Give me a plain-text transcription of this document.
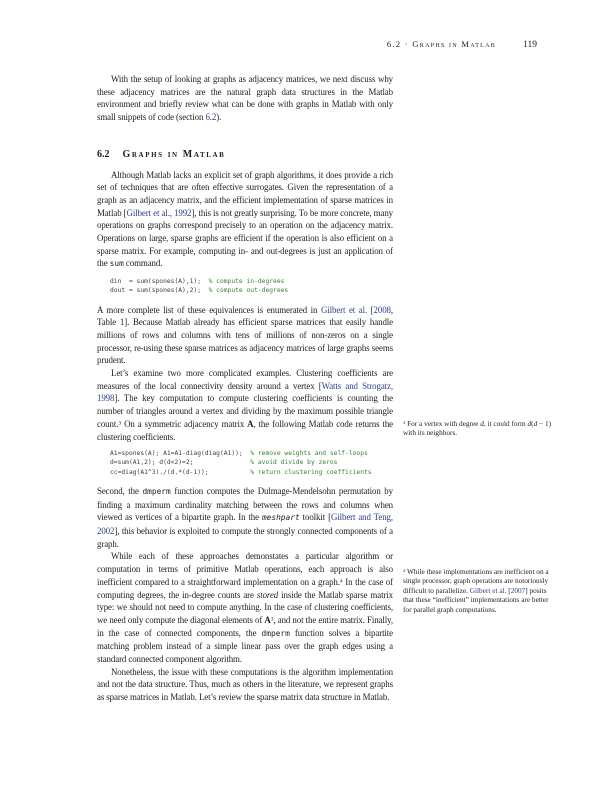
6.2 · Graphs in Matlab	119

With the setup of looking at graphs as adjacency matrices, we next discuss why these adjacency matrices are the natural graph data structures in the Matlab environment and briefly review what can be done with graphs in Matlab with only small snippets of code (section 6.2).

6.2 Graphs in Matlab

Although Matlab lacks an explicit set of graph algorithms, it does provide a rich set of techniques that are often effective surrogates. Given the representation of a graph as an adjacency matrix, and the efficient implementation of sparse matrices in Matlab [Gilbert et al., 1992], this is not greatly surprising. To be more concrete, many operations on graphs correspond precisely to an operation on the adjacency matrix. Operations on large, sparse graphs are efficient if the operation is also efficient on a sparse matrix. For example, computing in- and out-degrees is just an application of the sum command.

din  = sum(spones(A),1);  % compute in-degrees
dout = sum(spones(A),2);  % compute out-degrees

A more complete list of these equivalences is enumerated in Gilbert et al. [2008, Table 1]. Because Matlab already has efficient sparse matrices that easily handle millions of rows and columns with tens of millions of non-zeros on a single processor, re-using these sparse matrices as adjacency matrices of large graphs seems prudent.

Let’s examine two more complicated examples. Clustering coefficients are measures of the local connectivity density around a vertex [Watts and Strogatz, 1998]. The key computation to compute clustering coefficients is counting the number of triangles around a vertex and dividing by the maximum possible triangle count.$^3$ On a symmetric adjacency matrix A, the following Matlab code returns the clustering coefficients.

A1=spones(A); A1=A1-diag(diag(A1));  % remove weights and self-loops
d=sum(A1,2); d(d<2)=2;               % avoid divide by zeros
cc=diag(A1^3)./(d.*(d-1));           % return clustering coefficients

Second, the dmperm function computes the Dulmage-Mendelsohn permutation by finding a maximum cardinality matching between the rows and columns when viewed as vertices of a bipartite graph. In the meshpart toolkit [Gilbert and Teng, 2002], this behavior is exploited to compute the strongly connected components of a graph.

While each of these approaches demonstates a particular algorithm or computation in terms of primitive Matlab operations, each approach is also inefficient compared to a straightforward implementation on a graph.$^4$ In the case of computing degrees, the in-degree counts are stored inside the Matlab sparse matrix type: we should not need to compute anything. In the case of clustering coefficients, we need only compute the diagonal elements of $A^3$, and not the entire matrix. Finally, in the case of connected components, the dmperm function solves a bipartite matching problem instead of a simple linear pass over the graph edges using a standard connected component algorithm.

Nonetheless, the issue with these computations is the algorithm implementation and not the data structure. Thus, much as others in the literature, we represent graphs as sparse matrices in Matlab. Let’s review the sparse matrix data structure in Matlab.

$^3$ For a vertex with degree d, it could form d(d − 1) with its neighbors.
$^4$ While these implementations are inefficient on a single processor, graph operations are notoriously difficult to parallelize. Gilbert et al. [2007] posits that these “inefficient” implementations are better for parallel graph computations.
